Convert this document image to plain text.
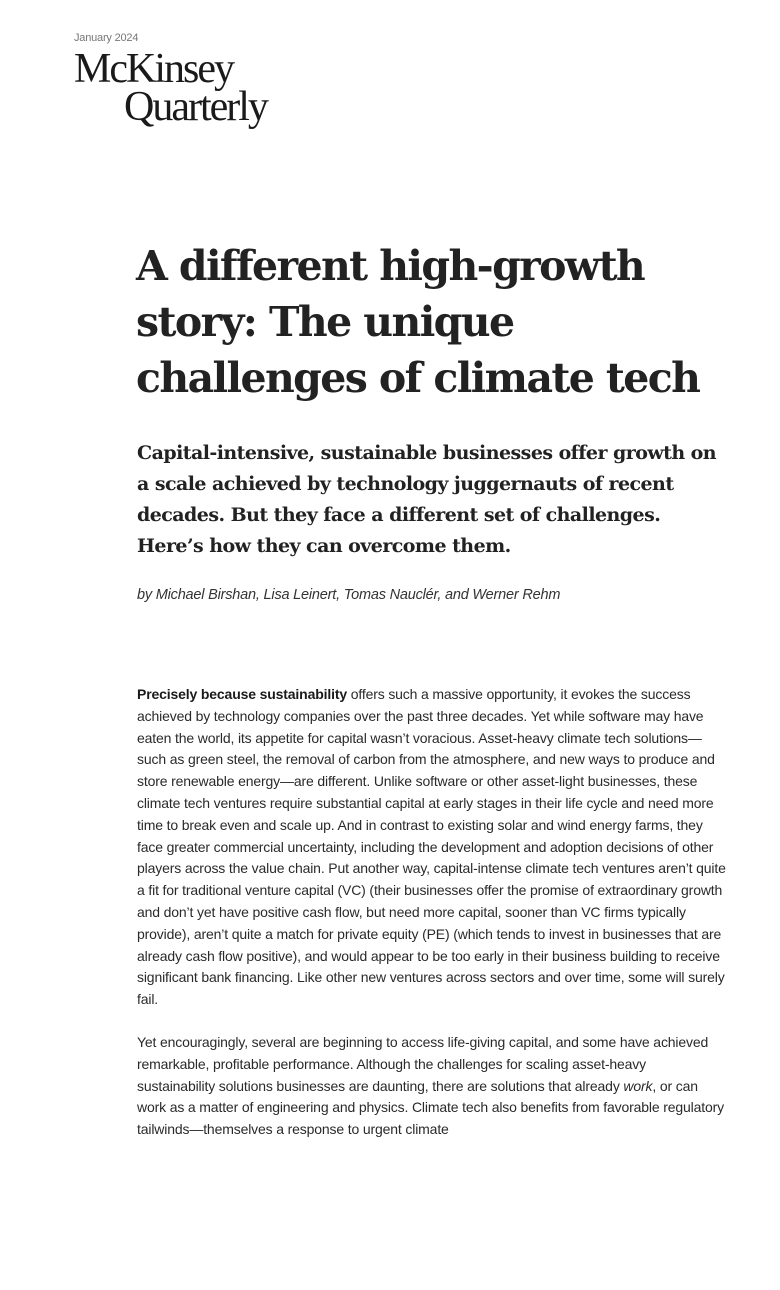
January 2024
McKinsey
Quarterly
A different high-growth story: The unique challenges of climate tech

Capital-intensive, sustainable businesses offer growth on a scale achieved by technology juggernauts of recent decades. But they face a different set of challenges. Here’s how they can overcome them.

by Michael Birshan, Lisa Leinert, Tomas Nauclér, and Werner Rehm

Precisely because sustainability offers such a massive opportunity, it evokes the success achieved by technology companies over the past three decades. Yet while software may have eaten the world, its appetite for capital wasn’t voracious. Asset-heavy climate tech solutions—such as green steel, the removal of carbon from the atmosphere, and new ways to produce and store renewable energy—are different. Unlike software or other asset-light businesses, these climate tech ventures require substantial capital at early stages in their life cycle and need more time to break even and scale up. And in contrast to existing solar and wind energy farms, they face greater commercial uncertainty, including the development and adoption decisions of other players across the value chain. Put another way, capital-intense climate tech ventures aren’t quite a fit for traditional venture capital (VC) (their businesses offer the promise of extraordinary growth and don’t yet have positive cash flow, but need more capital, sooner than VC firms typically provide), aren’t quite a match for private equity (PE) (which tends to invest in businesses that are already cash flow positive), and would appear to be too early in their business building to receive significant bank financing. Like other new ventures across sectors and over time, some will surely fail.

Yet encouragingly, several are beginning to access life-giving capital, and some have achieved remarkable, profitable performance. Although the challenges for scaling asset-heavy sustainability solutions businesses are daunting, there are solutions that already work, or can work as a matter of engineering and physics. Climate tech also benefits from favorable regulatory tailwinds—themselves a response to urgent climate
